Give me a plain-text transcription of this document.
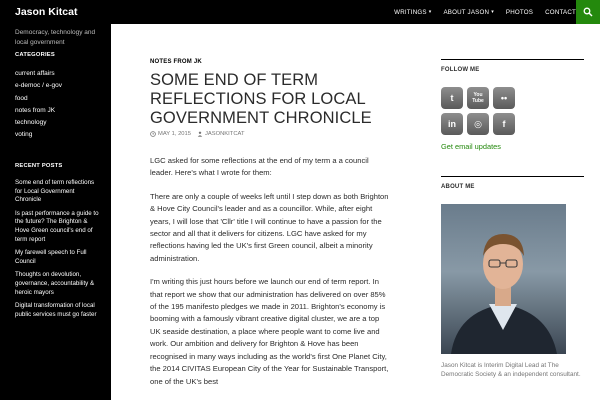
Jason Kitcat	WRITINGS ▾ ABOUT JASON ▾ PHOTOS CONTACT
Democracy, technology and local government
CATEGORIES
current affairs
e-democ / e-gov
food
notes from JK
technology
voting
RECENT POSTS
Some end of term reflections for Local Government Chronicle
Is past performance a guide to the future? The Brighton & Hove Green council's end of term report
My farewell speech to Full Council
Thoughts on devolution, governance, accountability & heroic mayors
Digital transformation of local public services must go faster
NOTES FROM JK
SOME END OF TERM REFLECTIONS FOR LOCAL GOVERNMENT CHRONICLE
MAY 1, 2015 JASONKITCAT

LGC asked for some reflections at the end of my term a a council leader. Here's what I wrote for them:

There are only a couple of weeks left until I step down as both Brighton & Hove City Council's leader and as a councillor. While, after eight years, I will lose that 'Cllr' title I will continue to have a passion for the sector and all that it delivers for citizens. LGC have asked for my reflections having led the UK's first Green council, albeit a minority administration.

I'm writing this just hours before we launch our end of term report. In that report we show that our administration has delivered on over 85% of the 195 manifesto pledges we made in 2011. Brighton's economy is booming with a famously vibrant creative digital cluster, we are a top UK seaside destination, a place where people want to come live and work. Our ambition and delivery for Brighton & Hove has been recognised in many ways including as the world's first One Planet City, the 2014 CIVITAS European City of the Year for Sustainable Transport, one of the UK's best

FOLLOW ME
t	You Tube	••
in	◎	f
Get email updates
ABOUT ME
Jason Kitcat is Interim Digital Lead at The Democratic Society & an independent consultant.
